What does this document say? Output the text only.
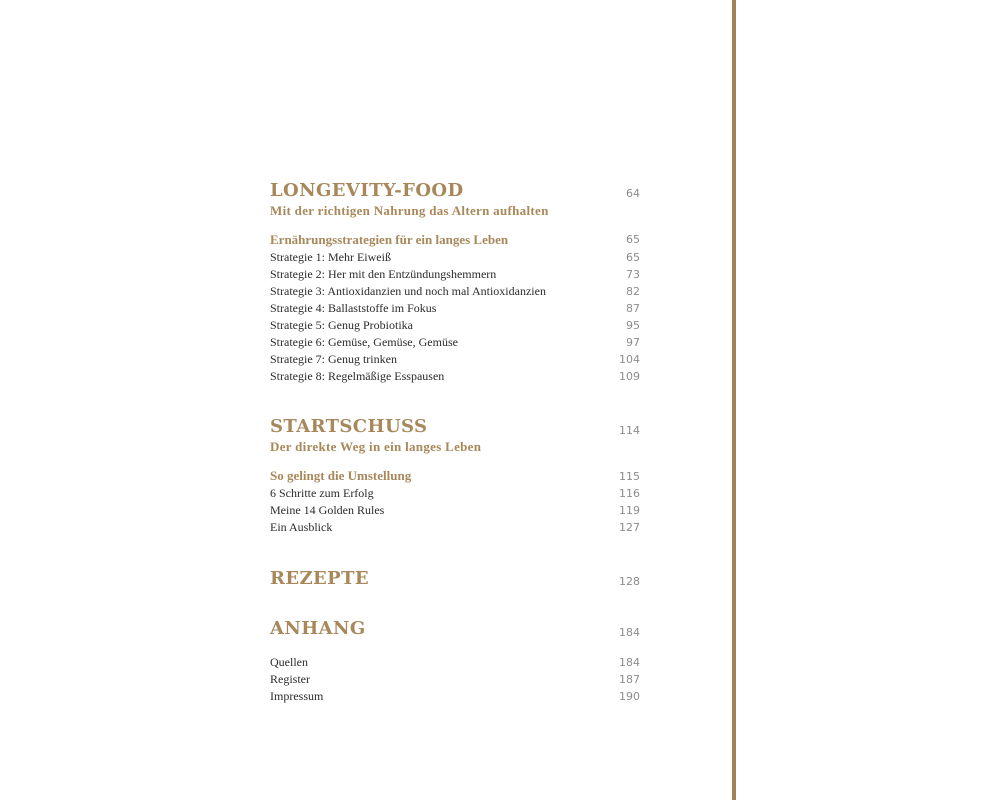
LONGEVITY-FOOD	64
Mit der richtigen Nahrung das Altern aufhalten
Ernährungsstrategien für ein langes Leben	65
Strategie 1: Mehr Eiweiß	65
Strategie 2: Her mit den Entzündungshemmern	73
Strategie 3: Antioxidanzien und noch mal Antioxidanzien	82
Strategie 4: Ballaststoffe im Fokus	87
Strategie 5: Genug Probiotika	95
Strategie 6: Gemüse, Gemüse, Gemüse	97
Strategie 7: Genug trinken	104
Strategie 8: Regelmäßige Esspausen	109
STARTSCHUSS	114
Der direkte Weg in ein langes Leben
So gelingt die Umstellung	115
6 Schritte zum Erfolg	116
Meine 14 Golden Rules	119
Ein Ausblick	127
REZEPTE	128
ANHANG	184
Quellen	184
Register	187
Impressum	190
